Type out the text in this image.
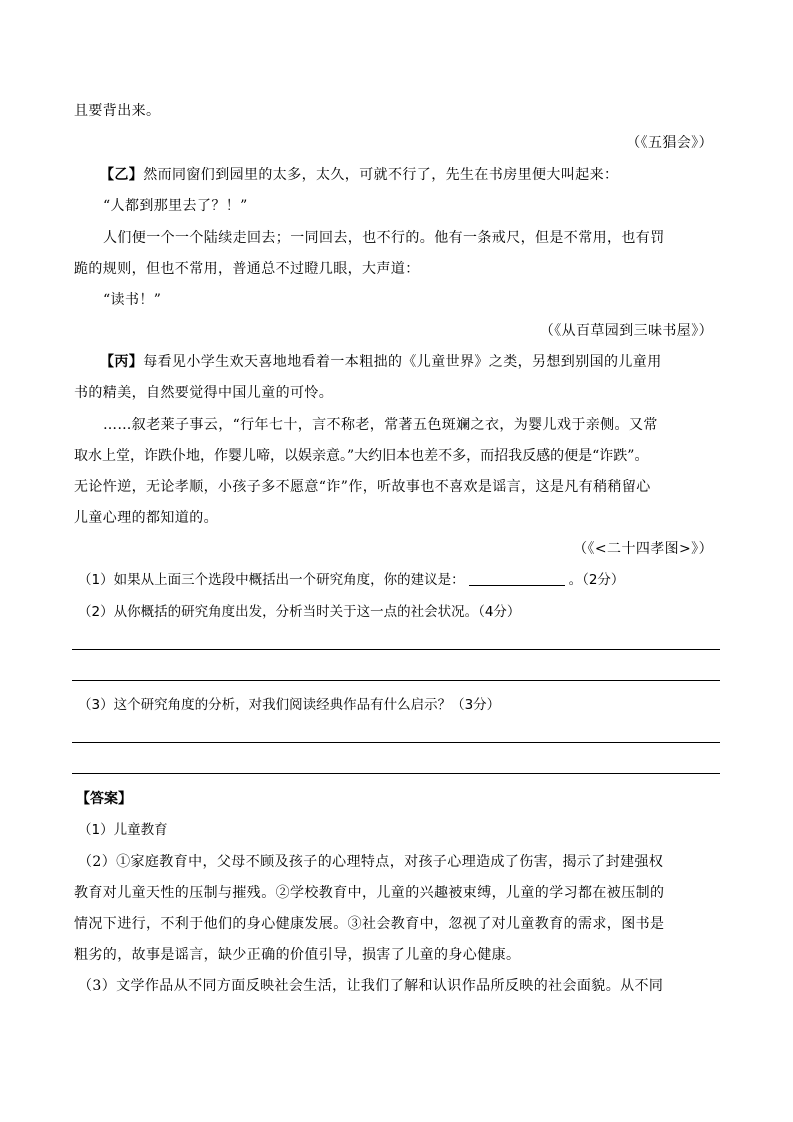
且要背出来。
（《五猖会》）
【乙】然而同窗们到园里的太多，太久，可就不行了，先生在书房里便大叫起来：
“人都到那里去了？！”
人们便一个一个陆续走回去；一同回去，也不行的。他有一条戒尺，但是不常用，也有罚
跪的规则，但也不常用，普通总不过瞪几眼，大声道：
“读书！”
（《从百草园到三味书屋》）
【丙】每看见小学生欢天喜地地看着一本粗拙的《儿童世界》之类，另想到别国的儿童用
书的精美，自然要觉得中国儿童的可怜。
……叙老莱子事云，“行年七十，言不称老，常著五色斑斓之衣，为婴儿戏于亲侧。又常
取水上堂，诈跌仆地，作婴儿啼，以娱亲意。”大约旧本也差不多，而招我反感的便是“诈跌”。
无论忤逆，无论孝顺，小孩子多不愿意“诈”作，听故事也不喜欢是谣言，这是凡有稍稍留心
儿童心理的都知道的。
（《<二十四孝图>》）
（1）如果从上面三个选段中概括出一个研究角度，你的建议是：	。（2分）
（2）从你概括的研究角度出发，分析当时关于这一点的社会状况。（4分）
（3）这个研究角度的分析，对我们阅读经典作品有什么启示？（3分）
【答案】
（1）儿童教育
（2）①家庭教育中，父母不顾及孩子的心理特点，对孩子心理造成了伤害，揭示了封建强权
教育对儿童天性的压制与摧残。②学校教育中，儿童的兴趣被束缚，儿童的学习都在被压制的
情况下进行，不利于他们的身心健康发展。③社会教育中，忽视了对儿童教育的需求，图书是
粗劣的，故事是谣言，缺少正确的价值引导，损害了儿童的身心健康。
（3）文学作品从不同方面反映社会生活，让我们了解和认识作品所反映的社会面貌。从不同
